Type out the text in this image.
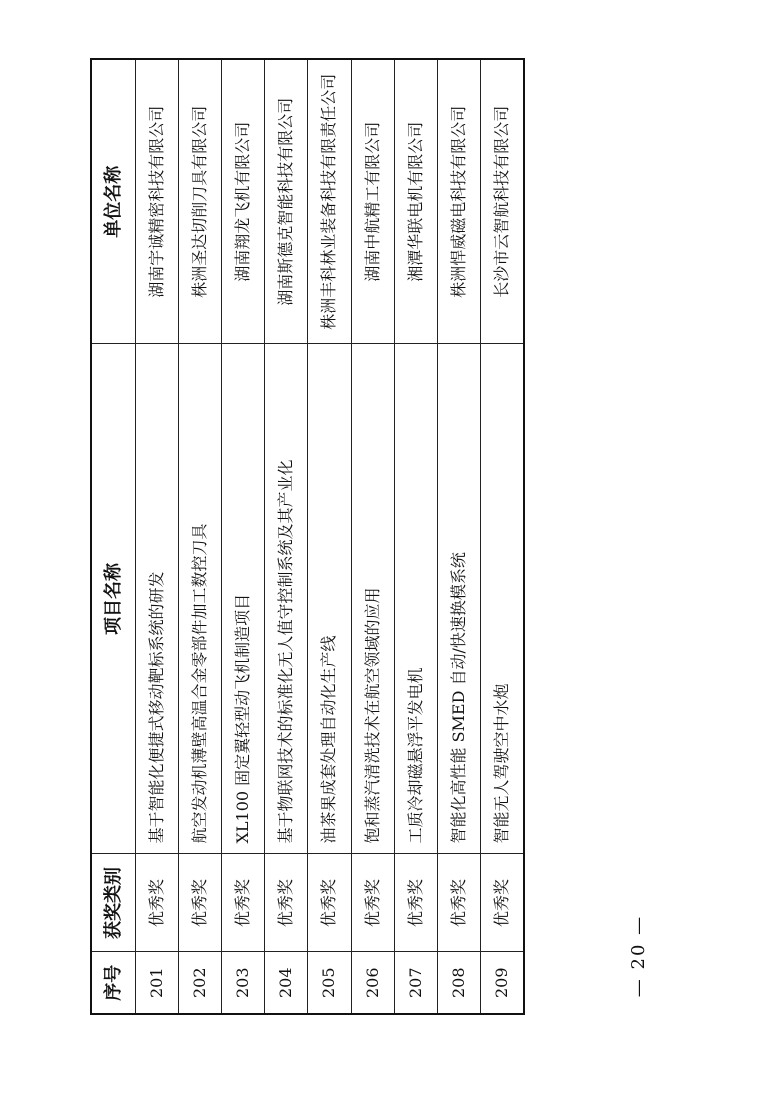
序号	获奖类别	项目名称	单位名称
201	优秀奖	基于智能化便捷式移动靶标系统的研发	湖南宇诚精密科技有限公司
202	优秀奖	航空发动机薄壁高温合金零部件加工数控刀具	株洲圣达切削刀具有限公司
203	优秀奖	XL100 固定翼轻型动飞机制造项目	湖南翔龙飞机有限公司
204	优秀奖	基于物联网技术的标准化无人值守控制系统及其产业化	湖南斯德克智能科技有限公司
205	优秀奖	油茶果成套处理自动化生产线	株洲丰科林业装备科技有限责任公司
206	优秀奖	饱和蒸汽清洗技术在航空领域的应用	湖南中航精工有限公司
207	优秀奖	工质冷却磁悬浮平发电机	湘潭华联电机有限公司
208	优秀奖	智能化高性能 SMED 自动/快速换模系统	株洲悍威磁电科技有限公司
209	优秀奖	智能无人驾驶空中水炮	长沙市云智航科技有限公司
— 20 —
